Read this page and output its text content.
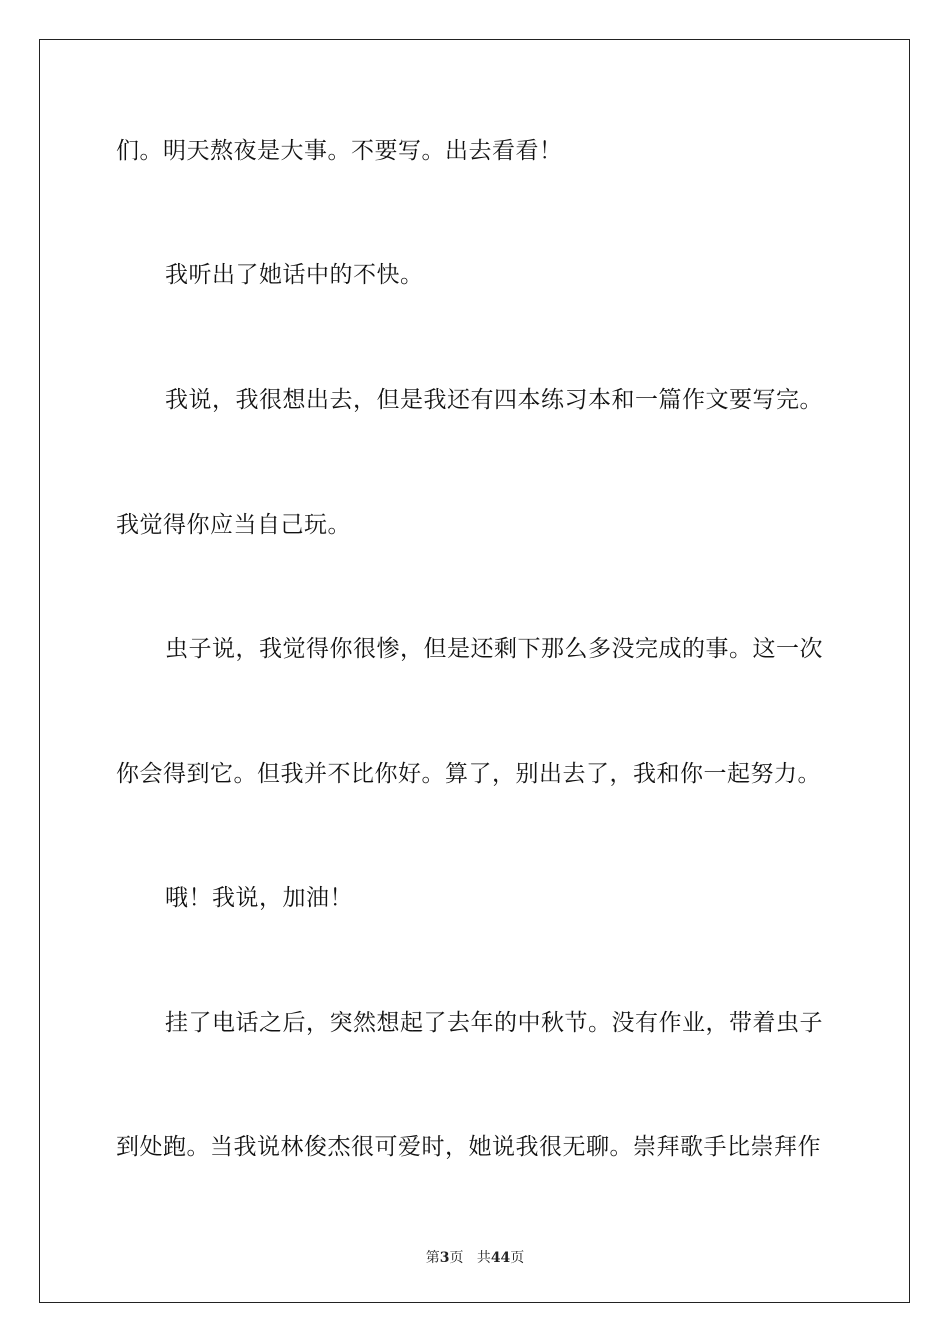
们。明天熬夜是大事。不要写。出去看看！
我听出了她话中的不快。
我说，我很想出去，但是我还有四本练习本和一篇作文要写完。
我觉得你应当自己玩。
虫子说，我觉得你很惨，但是还剩下那么多没完成的事。这一次
你会得到它。但我并不比你好。算了，别出去了，我和你一起努力。
哦！我说，加油！
挂了电话之后，突然想起了去年的中秋节。没有作业，带着虫子
到处跑。当我说林俊杰很可爱时，她说我很无聊。崇拜歌手比崇拜作
第3页 共44页
